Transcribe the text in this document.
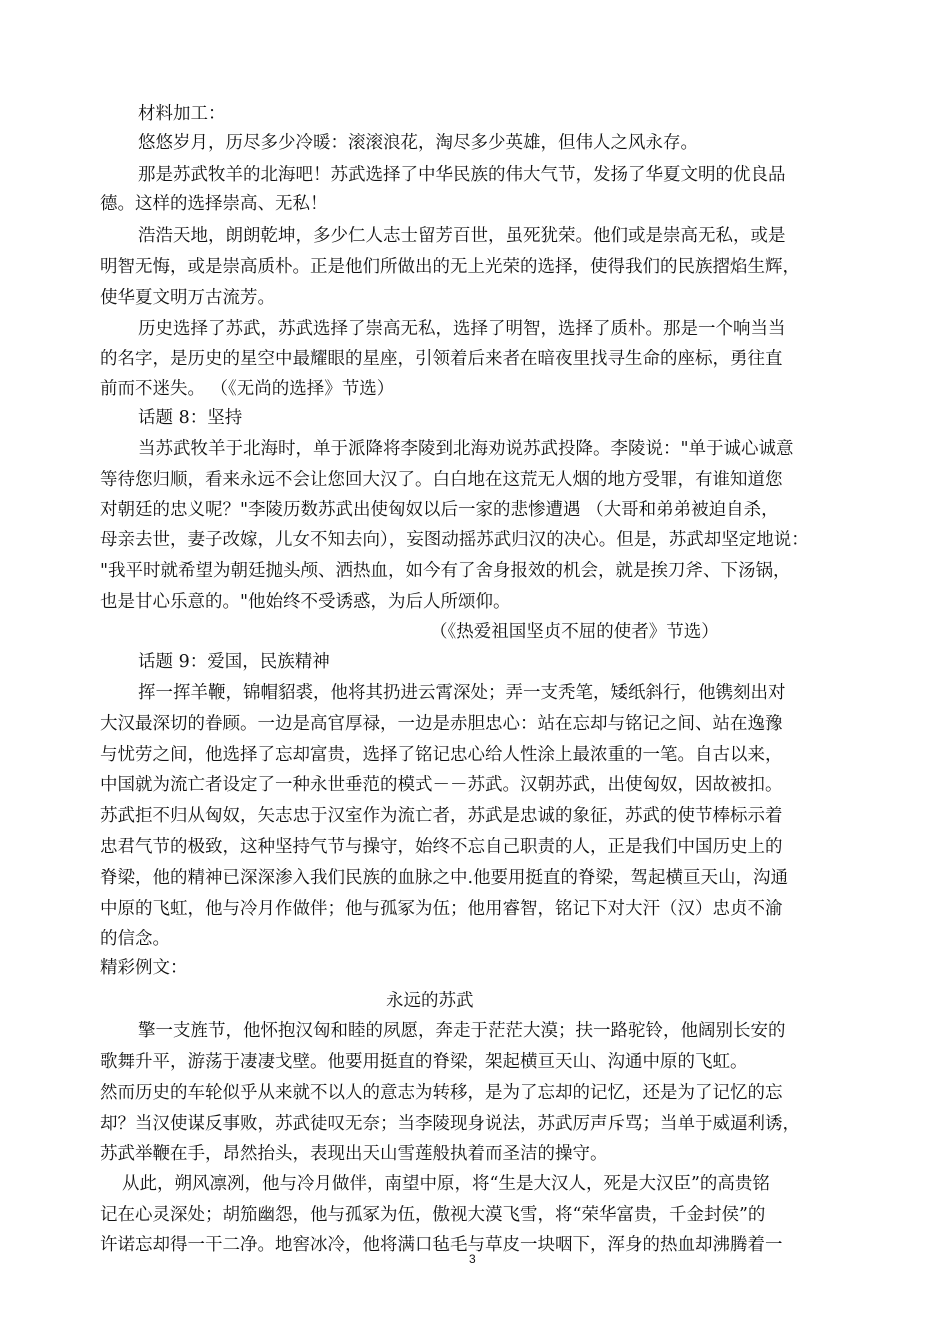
材料加工：
悠悠岁月，历尽多少冷暖：滚滚浪花，淘尽多少英雄，但伟人之风永存。
那是苏武牧羊的北海吧！苏武选择了中华民族的伟大气节，发扬了华夏文明的优良品
德。这样的选择崇高、无私！
浩浩天地，朗朗乾坤，多少仁人志士留芳百世，虽死犹荣。他们或是崇高无私，或是
明智无悔，或是崇高质朴。正是他们所做出的无上光荣的选择，使得我们的民族摺焰生辉，
使华夏文明万古流芳。
历史选择了苏武，苏武选择了崇高无私，选择了明智，选择了质朴。那是一个响当当
的名字，是历史的星空中最耀眼的星座，引领着后来者在暗夜里找寻生命的座标，勇往直
前而不迷失。 （《无尚的选择》节选）
话题 8：坚持
当苏武牧羊于北海时，单于派降将李陵到北海劝说苏武投降。李陵说："单于诚心诚意
等待您归顺，看来永远不会让您回大汉了。白白地在这荒无人烟的地方受罪，有谁知道您
对朝廷的忠义呢？"李陵历数苏武出使匈奴以后一家的悲惨遭遇 （大哥和弟弟被迫自杀，
母亲去世，妻子改嫁，儿女不知去向），妄图动摇苏武归汉的决心。但是，苏武却坚定地说：
"我平时就希望为朝廷抛头颅、洒热血，如今有了舍身报效的机会，就是挨刀斧、下汤锅，
也是甘心乐意的。"他始终不受诱惑，为后人所颂仰。
（《热爱祖国坚贞不屈的使者》节选）
话题 9：爱国，民族精神
挥一挥羊鞭，锦帽貂裘，他将其扔进云霄深处；弄一支秃笔，矮纸斜行，他镌刻出对
大汉最深切的眷顾。一边是高官厚禄，一边是赤胆忠心：站在忘却与铭记之间、站在逸豫
与忧劳之间，他选择了忘却富贵，选择了铭记忠心给人性涂上最浓重的一笔。自古以来，
中国就为流亡者设定了一种永世垂范的模式－－苏武。汉朝苏武，出使匈奴，因故被扣。
苏武拒不归从匈奴，矢志忠于汉室作为流亡者，苏武是忠诚的象征，苏武的使节棒标示着
忠君气节的极致，这种坚持气节与操守，始终不忘自己职责的人，正是我们中国历史上的
脊梁，他的精神已深深渗入我们民族的血脉之中.他要用挺直的脊梁，驾起横亘天山，沟通
中原的飞虹，他与冷月作做伴；他与孤冢为伍；他用睿智，铭记下对大汗（汉）忠贞不渝
的信念。
精彩例文：
永远的苏武
擎一支旌节，他怀抱汉匈和睦的夙愿，奔走于茫茫大漠；扶一路驼铃，他阔别长安的
歌舞升平，游荡于凄凄戈壁。他要用挺直的脊梁，架起横亘天山、沟通中原的飞虹。
然而历史的车轮似乎从来就不以人的意志为转移，是为了忘却的记忆，还是为了记忆的忘
却？当汉使谋反事败，苏武徒叹无奈；当李陵现身说法，苏武厉声斥骂；当单于威逼利诱，
苏武举鞭在手，昂然抬头，表现出天山雪莲般执着而圣洁的操守。
从此，朔风凛冽，他与冷月做伴，南望中原，将“生是大汉人，死是大汉臣”的高贵铭
记在心灵深处；胡笳幽怨，他与孤冢为伍，傲视大漠飞雪，将“荣华富贵，千金封侯”的
许诺忘却得一干二净。地窖冰冷，他将满口毡毛与草皮一块咽下，浑身的热血却沸腾着一
3
